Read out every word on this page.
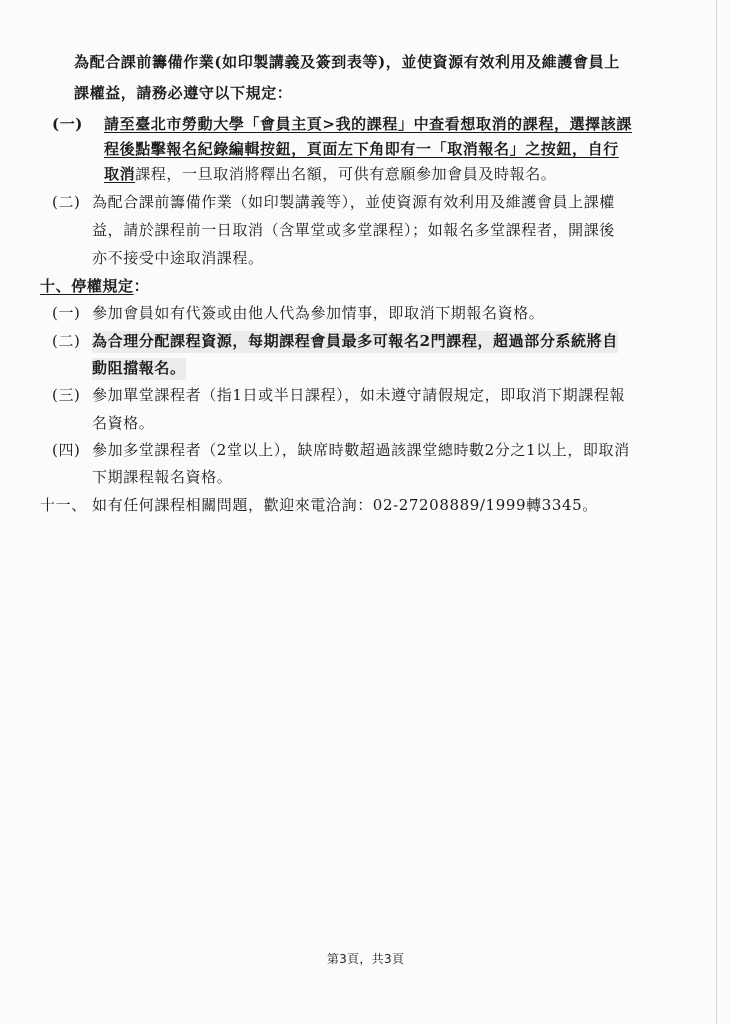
為配合課前籌備作業(如印製講義及簽到表等)，並使資源有效利用及維護會員上
課權益，請務必遵守以下規定：
(一) 請至臺北市勞動大學「會員主頁>我的課程」中查看想取消的課程，選擇該課
程後點擊報名紀錄編輯按鈕，頁面左下角即有一「取消報名」之按鈕，自行
取消課程，一旦取消將釋出名額，可供有意願參加會員及時報名。
(二) 為配合課前籌備作業（如印製講義等），並使資源有效利用及維護會員上課權
益，請於課程前一日取消（含單堂或多堂課程）；如報名多堂課程者，開課後
亦不接受中途取消課程。
十、停權規定：
(一) 參加會員如有代簽或由他人代為參加情事，即取消下期報名資格。
(二) 為合理分配課程資源，每期課程會員最多可報名2門課程，超過部分系統將自
動阻擋報名。
(三) 參加單堂課程者（指1日或半日課程），如未遵守請假規定，即取消下期課程報
名資格。
(四) 參加多堂課程者（2堂以上），缺席時數超過該課堂總時數2分之1以上，即取消
下期課程報名資格。
十一、 如有任何課程相關問題，歡迎來電洽詢：02-27208889/1999轉3345。
第3頁，共3頁
